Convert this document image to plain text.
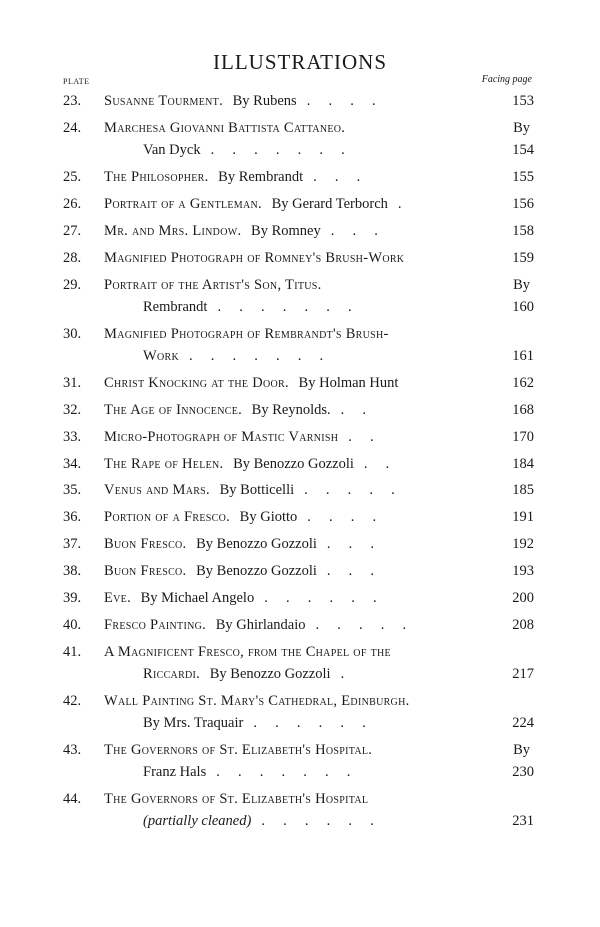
ILLUSTRATIONS
PLATE	Facing page
23.	Susanne Tourment. By Rubens .     .     .     .	153
24.	Marchesa Giovanni Battista Cattaneo.	By
Van Dyck .     .     .     .     .     .     .	154
25.	The Philosopher. By Rembrandt .     .     .	155
26.	Portrait of a Gentleman. By Gerard Terborch .	156
27.	Mr. and Mrs. Lindow. By Romney .     .     .	158
28.	Magnified Photograph of Romney's Brush-Work	159
29.	Portrait of the Artist's Son, Titus.	By
Rembrandt .     .     .     .     .     .     .	160
30.	Magnified Photograph of Rembrandt's Brush-
Work .     .     .     .     .     .     .	161
31.	Christ Knocking at the Door. By Holman Hunt	162
32.	The Age of Innocence. By Reynolds. .     .	168
33.	Micro-Photograph of Mastic Varnish .     .	170
34.	The Rape of Helen. By Benozzo Gozzoli .     .	184
35.	Venus and Mars. By Botticelli .     .     .     .     .	185
36.	Portion of a Fresco. By Giotto .     .     .     .	191
37.	Buon Fresco. By Benozzo Gozzoli .     .     .	192
38.	Buon Fresco. By Benozzo Gozzoli .     .     .	193
39.	Eve. By Michael Angelo .     .     .     .     .     .	200
40.	Fresco Painting. By Ghirlandaio .     .     .     .     .	208
41.	A Magnificent Fresco, from the Chapel of the
Riccardi. By Benozzo Gozzoli .	217
42.	Wall Painting St. Mary's Cathedral, Edinburgh.
By Mrs. Traquair .     .     .     .     .     .	224
43.	The Governors of St. Elizabeth's Hospital.	By
Franz Hals .     .     .     .     .     .     .	230
44.	The Governors of St. Elizabeth's Hospital
(partially cleaned) .     .     .     .     .     .	231
